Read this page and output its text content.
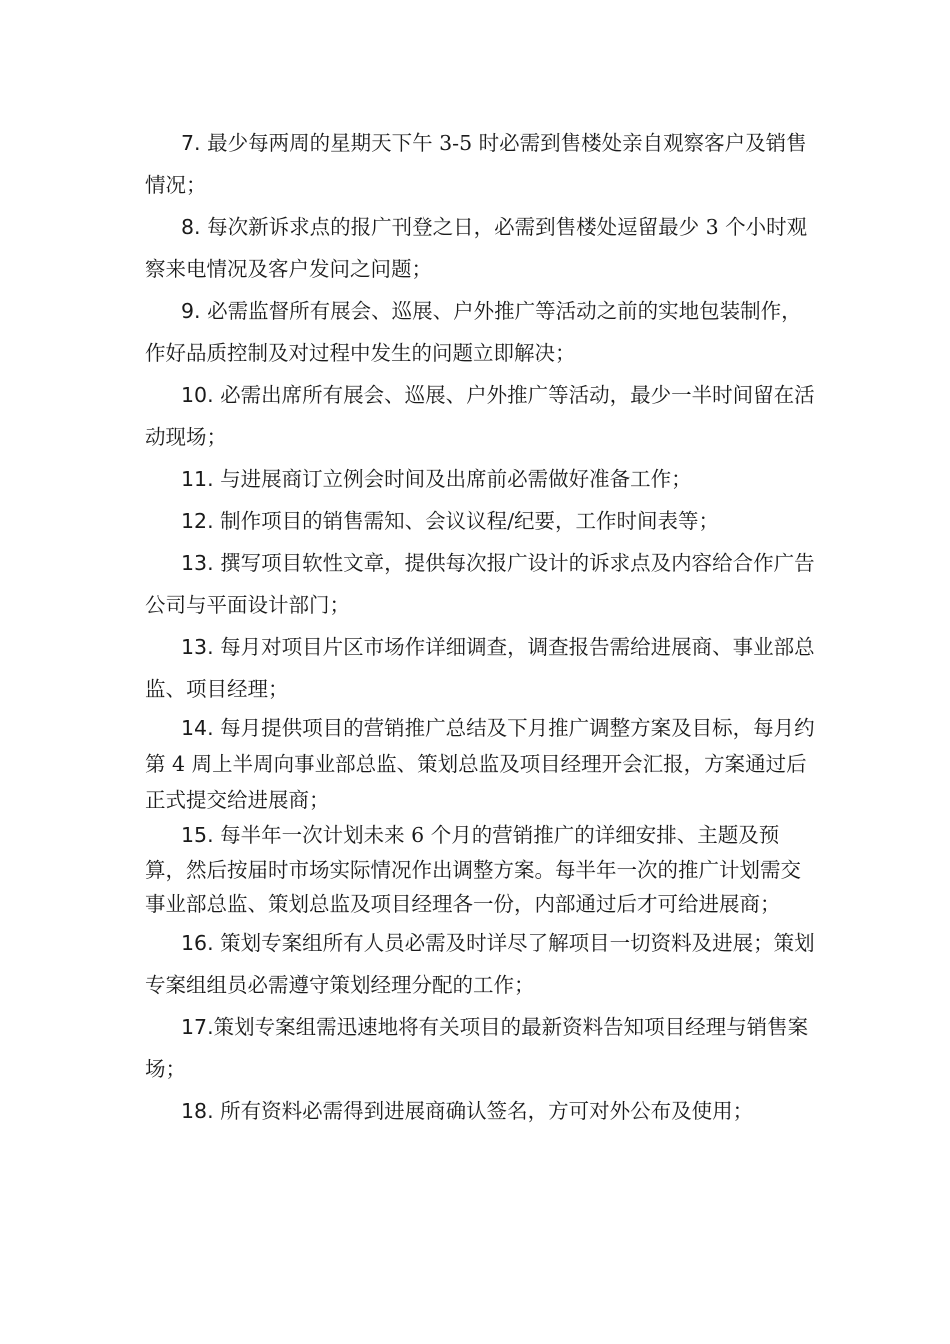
7. 最少每两周的星期天下午 3-5 时必需到售楼处亲自观察客户及销售情况；

8. 每次新诉求点的报广刊登之日，必需到售楼处逗留最少 3 个小时观察来电情况及客户发问之问题；

9. 必需监督所有展会、巡展、户外推广等活动之前的实地包装制作，作好品质控制及对过程中发生的问题立即解决；

10. 必需出席所有展会、巡展、户外推广等活动，最少一半时间留在活动现场；

11. 与进展商订立例会时间及出席前必需做好准备工作；

12. 制作项目的销售需知、会议议程/纪要，工作时间表等；

13. 撰写项目软性文章，提供每次报广设计的诉求点及内容给合作广告公司与平面设计部门；

13. 每月对项目片区市场作详细调查，调查报告需给进展商、事业部总监、项目经理；

14. 每月提供项目的营销推广总结及下月推广调整方案及目标，每月约第 4 周上半周向事业部总监、策划总监及项目经理开会汇报，方案通过后正式提交给进展商；

15. 每半年一次计划未来 6 个月的营销推广的详细安排、主题及预算，然后按届时市场实际情况作出调整方案。每半年一次的推广计划需交事业部总监、策划总监及项目经理各一份，内部通过后才可给进展商；

16. 策划专案组所有人员必需及时详尽了解项目一切资料及进展；策划专案组组员必需遵守策划经理分配的工作；

17.策划专案组需迅速地将有关项目的最新资料告知项目经理与销售案场；

18. 所有资料必需得到进展商确认签名，方可对外公布及使用；
